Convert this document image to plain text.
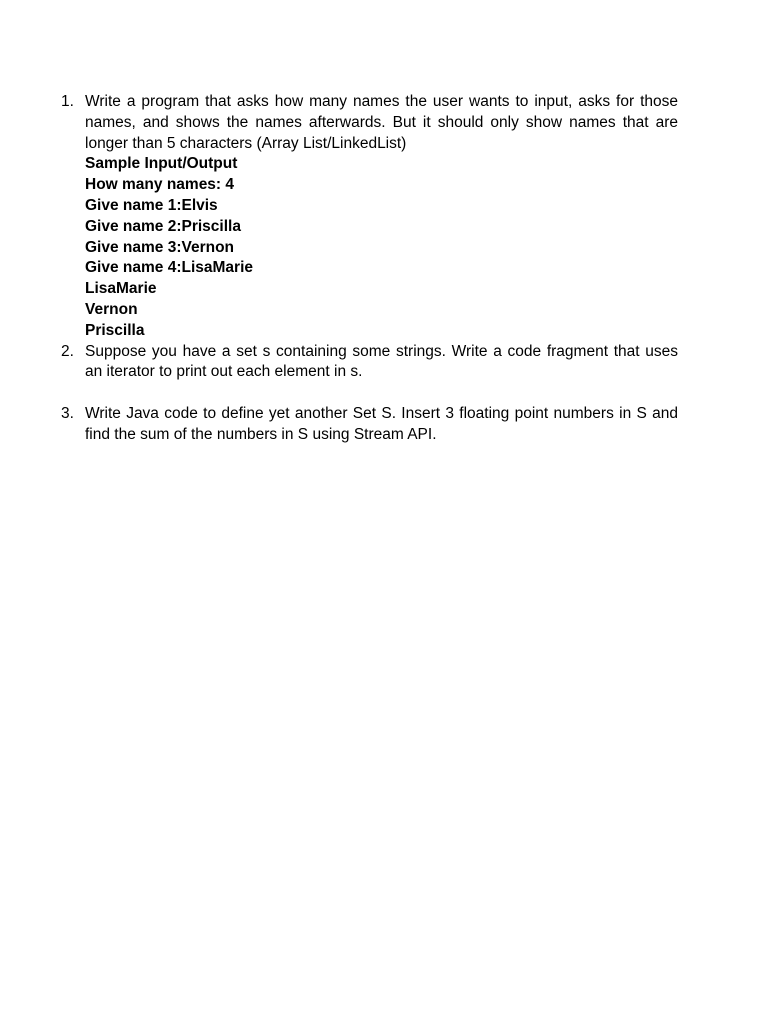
1. Write a program that asks how many names the user wants to input, asks for those names, and shows the names afterwards. But it should only show names that are longer than 5 characters (Array List/LinkedList)
Sample Input/Output
How many names: 4
Give name 1:Elvis
Give name 2:Priscilla
Give name 3:Vernon
Give name 4:LisaMarie
LisaMarie
Vernon
Priscilla
2. Suppose you have a set s containing some strings. Write a code fragment that uses an iterator to print out each element in s.
3. Write Java code to define yet another Set S. Insert 3 floating point numbers in S and find the sum of the numbers in S using Stream API.
